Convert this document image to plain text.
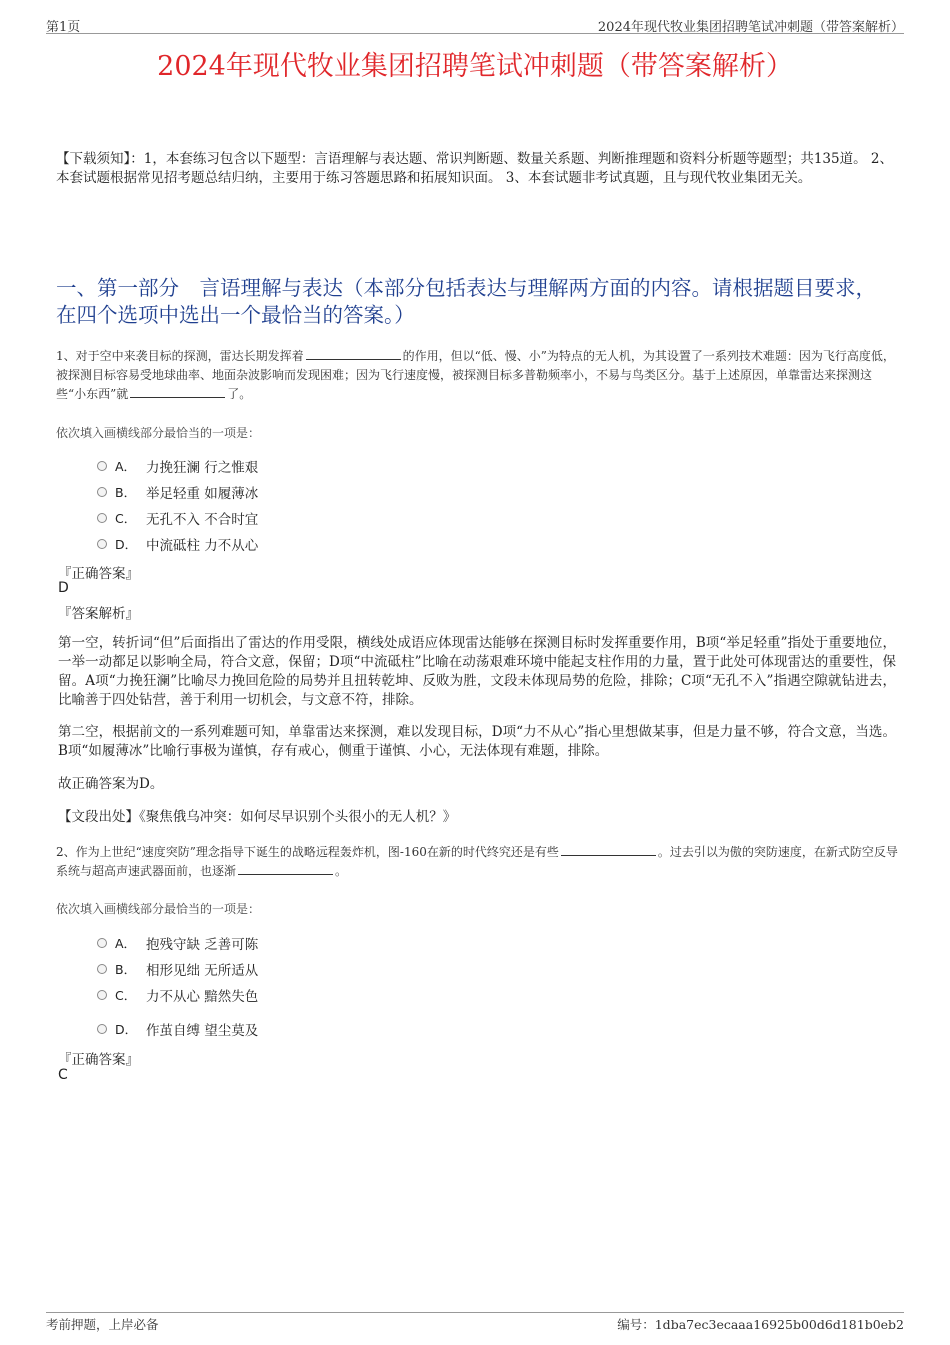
第1页	2024年现代牧业集团招聘笔试冲刺题（带答案解析）
2024年现代牧业集团招聘笔试冲刺题（带答案解析）
【下载须知】：1，本套练习包含以下题型：言语理解与表达题、常识判断题、数量关系题、判断推理题和资料分析题等题型；共135道。 2、本套试题根据常见招考题总结归纳，主要用于练习答题思路和拓展知识面。 3、本套试题非考试真题，且与现代牧业集团无关。
一、第一部分　言语理解与表达（本部分包括表达与理解两方面的内容。请根据题目要求，在四个选项中选出一个最恰当的答案。）
1、对于空中来袭目标的探测，雷达长期发挥着	的作用，但以“低、慢、小”为特点的无人机，为其设置了一系列技术难题：因为飞行高度低，被探测目标容易受地球曲率、地面杂波影响而发现困难；因为飞行速度慢，被探测目标多普勒频率小，不易与鸟类区分。基于上述原因，单靠雷达来探测这些“小东西”就	了。
依次填入画横线部分最恰当的一项是：
A． 力挽狂澜 行之惟艰
B． 举足轻重 如履薄冰
C． 无孔不入 不合时宜
D． 中流砥柱 力不从心
『正确答案』
D
『答案解析』
第一空，转折词“但”后面指出了雷达的作用受限，横线处成语应体现雷达能够在探测目标时发挥重要作用，B项“举足轻重”指处于重要地位，一举一动都足以影响全局，符合文意，保留；D项“中流砥柱”比喻在动荡艰难环境中能起支柱作用的力量，置于此处可体现雷达的重要性，保留。A项“力挽狂澜”比喻尽力挽回危险的局势并且扭转乾坤、反败为胜，文段未体现局势的危险，排除；C项“无孔不入”指遇空隙就钻进去，比喻善于四处钻营，善于利用一切机会，与文意不符，排除。
第二空，根据前文的一系列难题可知，单靠雷达来探测，难以发现目标，D项“力不从心”指心里想做某事，但是力量不够，符合文意，当选。B项“如履薄冰”比喻行事极为谨慎，存有戒心，侧重于谨慎、小心，无法体现有难题，排除。
故正确答案为D。
【文段出处】《聚焦俄乌冲突：如何尽早识别个头很小的无人机？》
2、作为上世纪“速度突防”理念指导下诞生的战略远程轰炸机，图-160在新的时代终究还是有些	。过去引以为傲的突防速度，在新式防空反导系统与超高声速武器面前，也逐渐	。
依次填入画横线部分最恰当的一项是：
A． 抱残守缺 乏善可陈
B． 相形见绌 无所适从
C． 力不从心 黯然失色
D． 作茧自缚 望尘莫及
『正确答案』
C
考前押题，上岸必备	编号：1dba7ec3ecaaa16925b00d6d181b0eb2
